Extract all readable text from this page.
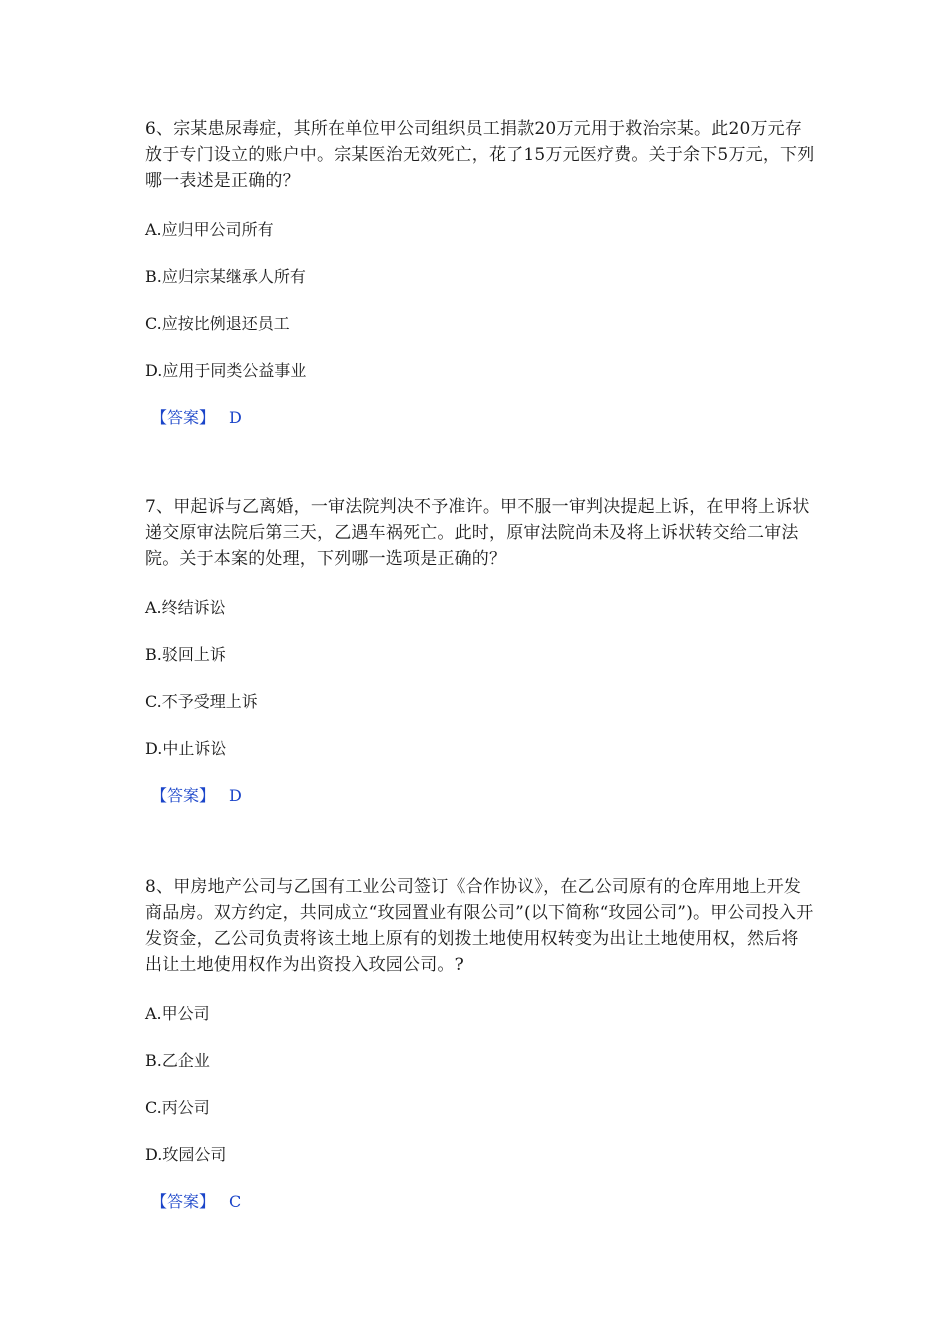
6、宗某患尿毒症，其所在单位甲公司组织员工捐款20万元用于救治宗某。此20万元存放于专门设立的账户中。宗某医治无效死亡，花了15万元医疗费。关于余下5万元，下列哪一表述是正确的？

A.应归甲公司所有
B.应归宗某继承人所有
C.应按比例退还员工
D.应用于同类公益事业
【答案】 D

7、甲起诉与乙离婚，一审法院判决不予准许。甲不服一审判决提起上诉，在甲将上诉状递交原审法院后第三天，乙遇车祸死亡。此时，原审法院尚未及将上诉状转交给二审法院。关于本案的处理，下列哪一选项是正确的？

A.终结诉讼
B.驳回上诉
C.不予受理上诉
D.中止诉讼
【答案】 D

8、甲房地产公司与乙国有工业公司签订《合作协议》，在乙公司原有的仓库用地上开发商品房。双方约定，共同成立“玫园置业有限公司”(以下简称“玫园公司”)。甲公司投入开发资金，乙公司负责将该土地上原有的划拨土地使用权转变为出让土地使用权，然后将出让土地使用权作为出资投入玫园公司。?

A.甲公司
B.乙企业
C.丙公司
D.玫园公司
【答案】 C
